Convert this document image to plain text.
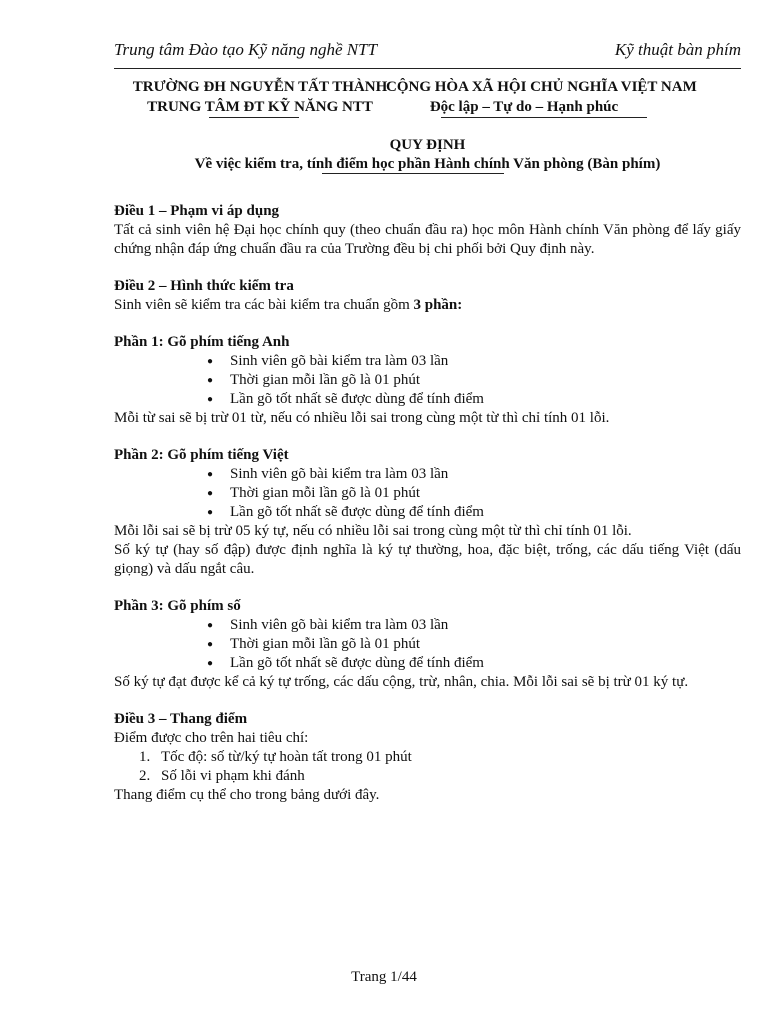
Trung tâm Đào tạo Kỹ năng nghề NTT	Kỹ thuật bàn phím
TRƯỜNG ĐH NGUYỄN TẤT THÀNH
TRUNG TÂM ĐT KỸ NĂNG NTT
CỘNG HÒA XÃ HỘI CHỦ NGHĨA VIỆT NAM
Độc lập – Tự do – Hạnh phúc
QUY ĐỊNH
Về việc kiểm tra, tính điểm học phần Hành chính Văn phòng (Bàn phím)

Điều 1 – Phạm vi áp dụng

Tất cả sinh viên hệ Đại học chính quy (theo chuẩn đầu ra) học môn Hành chính Văn phòng để lấy giấy chứng nhận đáp ứng chuẩn đầu ra của Trường đều bị chi phối bởi Quy định này.

Điều 2 – Hình thức kiểm tra

Sinh viên sẽ kiểm tra các bài kiểm tra chuẩn gồm 3 phần:

Phần 1: Gõ phím tiếng Anh

● Sinh viên gõ bài kiểm tra làm 03 lần
● Thời gian mỗi lần gõ là 01 phút
● Lần gõ tốt nhất sẽ được dùng để tính điểm

Mỗi từ sai sẽ bị trừ 01 từ, nếu có nhiều lỗi sai trong cùng một từ thì chỉ tính 01 lỗi.

Phần 2: Gõ phím tiếng Việt

● Sinh viên gõ bài kiểm tra làm 03 lần
● Thời gian mỗi lần gõ là 01 phút
● Lần gõ tốt nhất sẽ được dùng để tính điểm

Mỗi lỗi sai sẽ bị trừ 05 ký tự, nếu có nhiều lỗi sai trong cùng một từ thì chỉ tính 01 lỗi.

Số ký tự (hay số đập) được định nghĩa là ký tự thường, hoa, đặc biệt, trống, các dấu tiếng Việt (dấu giọng) và dấu ngắt câu.

Phần 3: Gõ phím số

● Sinh viên gõ bài kiểm tra làm 03 lần
● Thời gian mỗi lần gõ là 01 phút
● Lần gõ tốt nhất sẽ được dùng để tính điểm

Số ký tự đạt được kể cả ký tự trống, các dấu cộng, trừ, nhân, chia. Mỗi lỗi sai sẽ bị trừ 01 ký tự.

Điều 3 – Thang điểm

Điểm được cho trên hai tiêu chí:

1. Tốc độ: số từ/ký tự hoàn tất trong 01 phút
2. Số lỗi vi phạm khi đánh

Thang điểm cụ thể cho trong bảng dưới đây.

Trang 1/44
